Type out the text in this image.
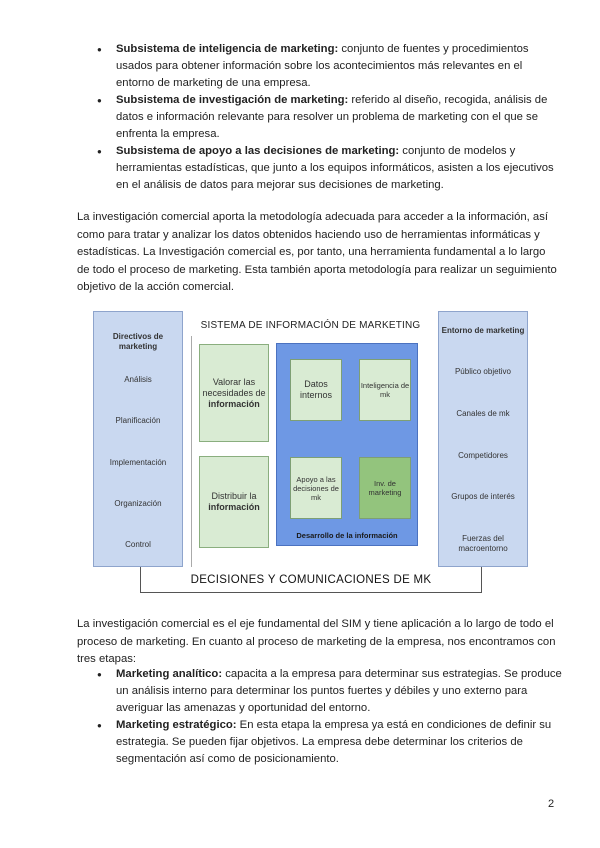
● Subsistema de inteligencia de marketing: conjunto de fuentes y procedimientos usados para obtener información sobre los acontecimientos más relevantes en el entorno de marketing de una empresa.
● Subsistema de investigación de marketing: referido al diseño, recogida, análisis de datos e información relevante para resolver un problema de marketing con el que se enfrenta la empresa.
● Subsistema de apoyo a las decisiones de marketing: conjunto de modelos y herramientas estadísticas, que junto a los equipos informáticos, asisten a los ejecutivos en el análisis de datos para mejorar sus decisiones de marketing.

La investigación comercial aporta la metodología adecuada para acceder a la información, así como para tratar y analizar los datos obtenidos haciendo uso de herramientas informáticas y estadísticas. La Investigación comercial es, por tanto, una herramienta fundamental a lo largo de todo el proceso de marketing. Esta también aporta metodología para realizar un seguimiento objetivo de la acción comercial.

Directivos de marketing
Análisis
Planificación
Implementación
Organización
Control
SISTEMA DE INFORMACIÓN DE MARKETING
Valorar las necesidades de
información
Distribuir la
información
Datos internos
Inteligencia de mk
Apoyo a las decisiones de mk
Inv. de marketing
Desarrollo de la información
Entorno de marketing
Público objetivo
Canales de mk
Competidores
Grupos de interés
Fuerzas del macroentorno
DECISIONES Y COMUNICACIONES DE MK

La investigación comercial es el eje fundamental del SIM y tiene aplicación a lo largo de todo el proceso de marketing. En cuanto al proceso de marketing de la empresa, nos encontramos con tres etapas:

● Marketing analítico: capacita a la empresa para determinar sus estrategias. Se produce un análisis interno para determinar los puntos fuertes y débiles y uno externo para averiguar las amenazas y oportunidad del entorno.
● Marketing estratégico: En esta etapa la empresa ya está en condiciones de definir su estrategia. Se pueden fijar objetivos. La empresa debe determinar los criterios de segmentación así como de posicionamiento.
2
